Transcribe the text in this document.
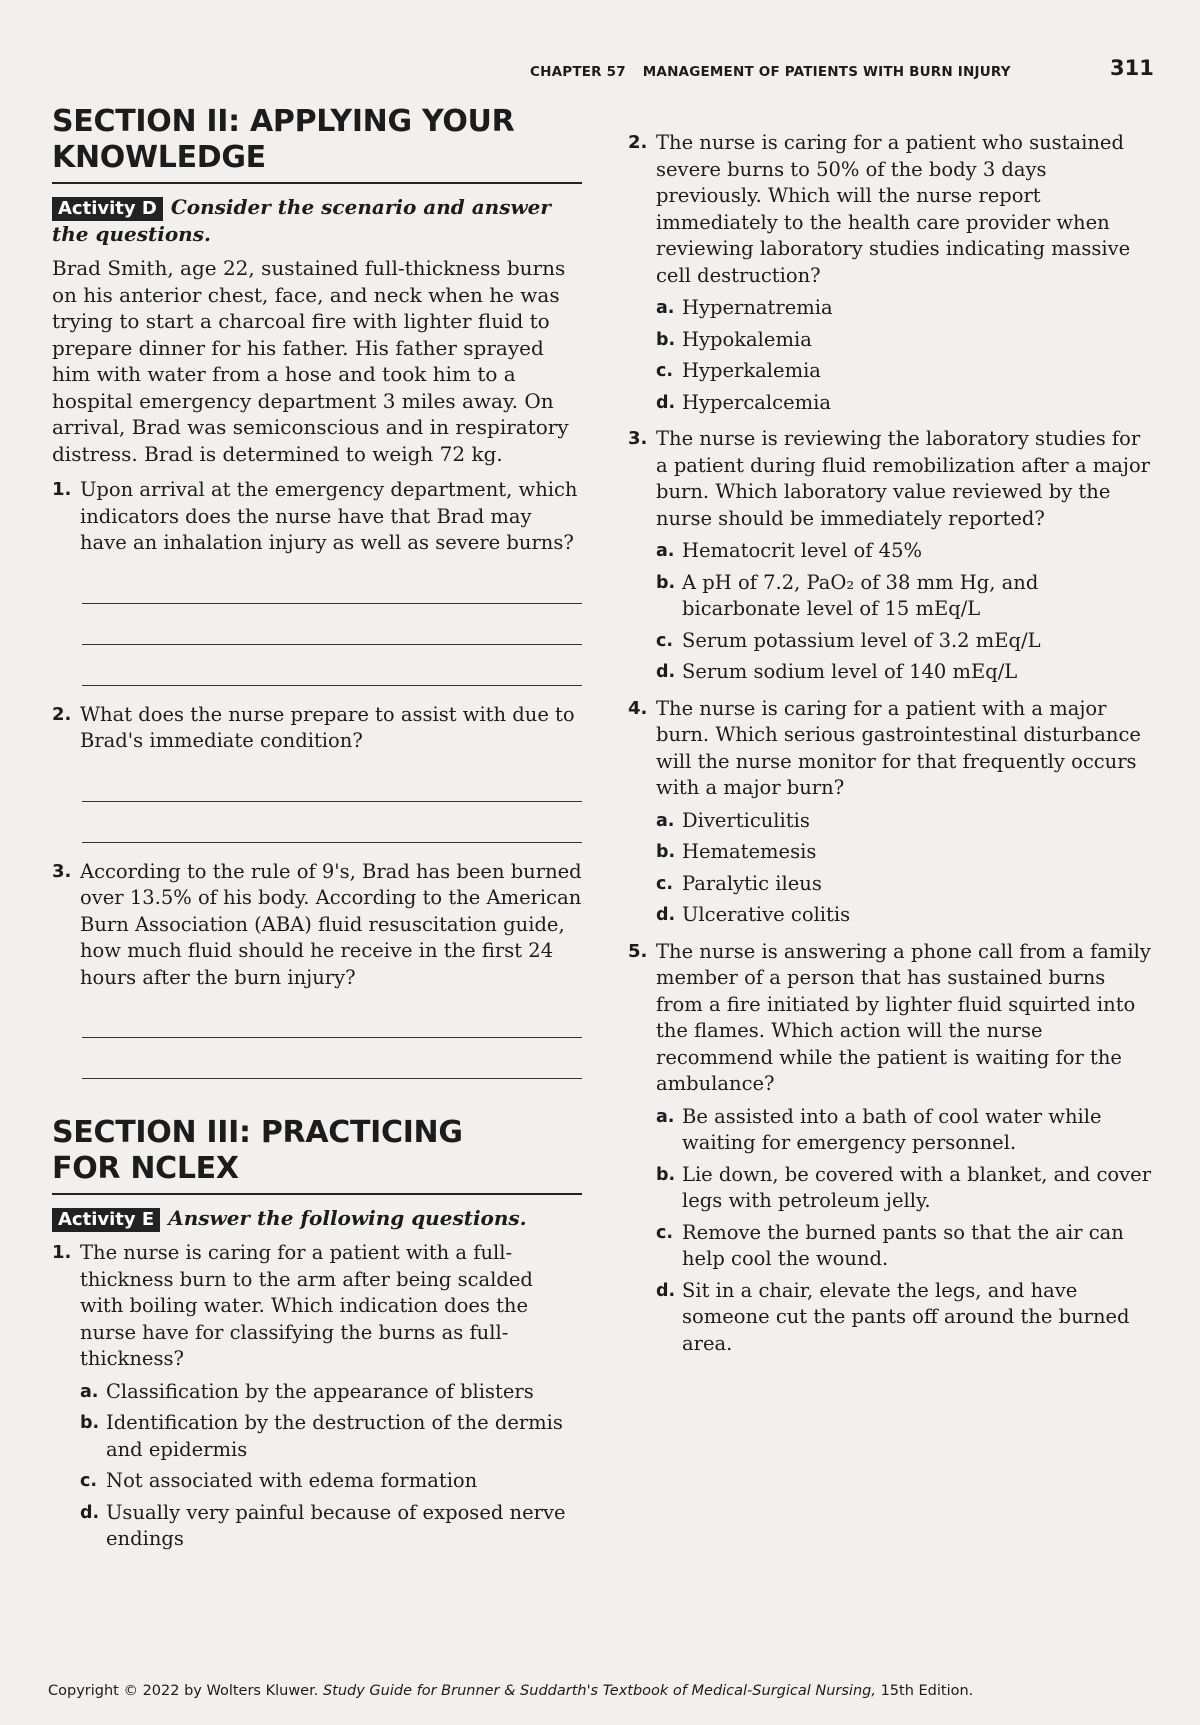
CHAPTER 57 MANAGEMENT OF PATIENTS WITH BURN INJURY	311
SECTION II: APPLYING YOUR
KNOWLEDGE
Activity D Consider the scenario and answer the questions.

Brad Smith, age 22, sustained full-thickness burns on his anterior chest, face, and neck when he was trying to start a charcoal fire with lighter fluid to prepare dinner for his father. His father sprayed him with water from a hose and took him to a hospital emergency department 3 miles away. On arrival, Brad was semiconscious and in respiratory distress. Brad is determined to weigh 72 kg.

1. Upon arrival at the emergency department, which indicators does the nurse have that Brad may have an inhalation injury as well as severe burns?
2. What does the nurse prepare to assist with due to Brad's immediate condition?
3. According to the rule of 9's, Brad has been burned over 13.5% of his body. According to the American Burn Association (ABA) fluid resuscitation guide, how much fluid should he receive in the first 24 hours after the burn injury?
SECTION III: PRACTICING
FOR NCLEX
Activity E Answer the following questions.
1. The nurse is caring for a patient with a full-thickness burn to the arm after being scalded with boiling water. Which indication does the nurse have for classifying the burns as full-thickness?
a. Classification by the appearance of blisters
b. Identification by the destruction of the dermis and epidermis
c. Not associated with edema formation
d. Usually very painful because of exposed nerve endings
2. The nurse is caring for a patient who sustained severe burns to 50% of the body 3 days previously. Which will the nurse report immediately to the health care provider when reviewing laboratory studies indicating massive cell destruction?
a. Hypernatremia
b. Hypokalemia
c. Hyperkalemia
d. Hypercalcemia
3. The nurse is reviewing the laboratory studies for a patient during fluid remobilization after a major burn. Which laboratory value reviewed by the nurse should be immediately reported?
a. Hematocrit level of 45%
b. A pH of 7.2, PaO₂ of 38 mm Hg, and bicarbonate level of 15 mEq/L
c. Serum potassium level of 3.2 mEq/L
d. Serum sodium level of 140 mEq/L
4. The nurse is caring for a patient with a major burn. Which serious gastrointestinal disturbance will the nurse monitor for that frequently occurs with a major burn?
a. Diverticulitis
b. Hematemesis
c. Paralytic ileus
d. Ulcerative colitis
5. The nurse is answering a phone call from a family member of a person that has sustained burns from a fire initiated by lighter fluid squirted into the flames. Which action will the nurse recommend while the patient is waiting for the ambulance?
a. Be assisted into a bath of cool water while waiting for emergency personnel.
b. Lie down, be covered with a blanket, and cover legs with petroleum jelly.
c. Remove the burned pants so that the air can help cool the wound.
d. Sit in a chair, elevate the legs, and have someone cut the pants off around the burned area.
Copyright © 2022 by Wolters Kluwer. Study Guide for Brunner & Suddarth's Textbook of Medical-Surgical Nursing, 15th Edition.
